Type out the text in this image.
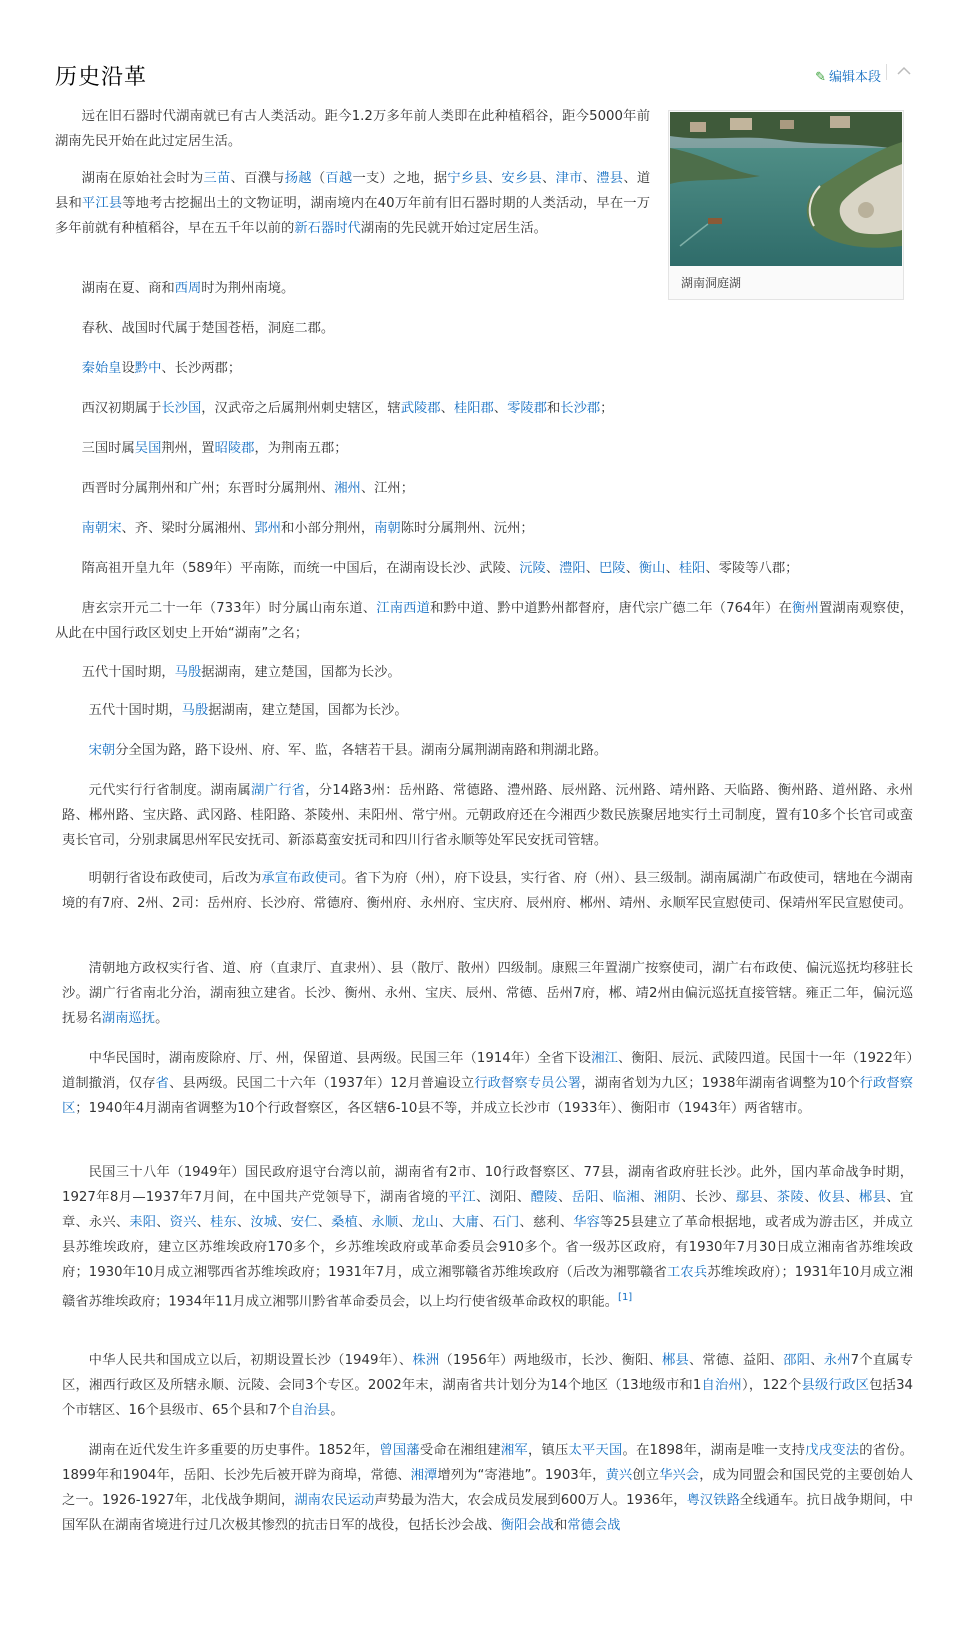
历史沿革	✎ 编辑本段
湖南洞庭湖

远在旧石器时代湖南就已有古人类活动。距今1.2万多年前人类即在此种植稻谷，距今5000年前湖南先民开始在此过定居生活。

湖南在原始社会时为三苗、百濮与扬越（百越一支）之地，据宁乡县、安乡县、津市、澧县、道县和平江县等地考古挖掘出土的文物证明，湖南境内在40万年前有旧石器时期的人类活动，早在一万多年前就有种植稻谷，早在五千年以前的新石器时代湖南的先民就开始过定居生活。

湖南在夏、商和西周时为荆州南境。

春秋、战国时代属于楚国苍梧，洞庭二郡。

秦始皇设黔中、长沙两郡；

西汉初期属于长沙国，汉武帝之后属荆州刺史辖区，辖武陵郡、桂阳郡、零陵郡和长沙郡；

三国时属吴国荆州，置昭陵郡，为荆南五郡；

西晋时分属荆州和广州；东晋时分属荆州、湘州、江州；

南朝宋、齐、梁时分属湘州、郢州和小部分荆州，南朝陈时分属荆州、沅州；

隋高祖开皇九年（589年）平南陈，而统一中国后，在湖南设长沙、武陵、沅陵、澧阳、巴陵、衡山、桂阳、零陵等八郡；

唐玄宗开元二十一年（733年）时分属山南东道、江南西道和黔中道、黔中道黔州都督府，唐代宗广德二年（764年）在衡州置湖南观察使，从此在中国行政区划史上开始“湖南”之名；

五代十国时期，马殷据湖南，建立楚国，国都为长沙。

五代十国时期，马殷据湖南，建立楚国，国都为长沙。

宋朝分全国为路，路下设州、府、军、监，各辖若干县。湖南分属荆湖南路和荆湖北路。

元代实行行省制度。湖南属湖广行省，分14路3州：岳州路、常德路、澧州路、辰州路、沅州路、靖州路、天临路、衡州路、道州路、永州路、郴州路、宝庆路、武冈路、桂阳路、茶陵州、耒阳州、常宁州。元朝政府还在今湘西少数民族聚居地实行土司制度，置有10多个长官司或蛮夷长官司，分别隶属思州军民安抚司、新添葛蛮安抚司和四川行省永顺等处军民安抚司管辖。

明朝行省设布政使司，后改为承宣布政使司。省下为府（州），府下设县，实行省、府（州）、县三级制。湖南属湖广布政使司，辖地在今湖南境的有7府、2州、2司：岳州府、长沙府、常德府、衡州府、永州府、宝庆府、辰州府、郴州、靖州、永顺军民宣慰使司、保靖州军民宣慰使司。

清朝地方政权实行省、道、府（直隶厅、直隶州）、县（散厅、散州）四级制。康熙三年置湖广按察使司，湖广右布政使、偏沅巡抚均移驻长沙。湖广行省南北分治，湖南独立建省。长沙、衡州、永州、宝庆、辰州、常德、岳州7府，郴、靖2州由偏沅巡抚直接管辖。雍正二年，偏沅巡抚易名湖南巡抚。

中华民国时，湖南废除府、厅、州，保留道、县两级。民国三年（1914年）全省下设湘江、衡阳、辰沅、武陵四道。民国十一年（1922年）道制撤消，仅存省、县两级。民国二十六年（1937年）12月普遍设立行政督察专员公署，湖南省划为九区；1938年湖南省调整为10个行政督察区；1940年4月湖南省调整为10个行政督察区，各区辖6-10县不等，并成立长沙市（1933年）、衡阳市（1943年）两省辖市。

民国三十八年（1949年）国民政府退守台湾以前，湖南省有2市、10行政督察区、77县，湖南省政府驻长沙。此外，国内革命战争时期，1927年8月—1937年7月间，在中国共产党领导下，湖南省境的平江、浏阳、醴陵、岳阳、临湘、湘阴、长沙、鄢县、茶陵、攸县、郴县、宜章、永兴、耒阳、资兴、桂东、汝城、安仁、桑植、永顺、龙山、大庸、石门、慈利、华容等25县建立了革命根据地，或者成为游击区，并成立县苏维埃政府，建立区苏维埃政府170多个，乡苏维埃政府或革命委员会910多个。省一级苏区政府，有1930年7月30日成立湘南省苏维埃政府；1930年10月成立湘鄂西省苏维埃政府；1931年7月，成立湘鄂赣省苏维埃政府（后改为湘鄂赣省工农兵苏维埃政府）；1931年10月成立湘赣省苏维埃政府；1934年11月成立湘鄂川黔省革命委员会，以上均行使省级革命政权的职能。[1]

中华人民共和国成立以后，初期设置长沙（1949年）、株洲（1956年）两地级市，长沙、衡阳、郴县、常德、益阳、邵阳、永州7个直属专区，湘西行政区及所辖永顺、沅陵、会同3个专区。2002年末，湖南省共计划分为14个地区（13地级市和1自治州），122个县级行政区包括34个市辖区、16个县级市、65个县和7个自治县。

湖南在近代发生许多重要的历史事件。1852年，曾国藩受命在湘组建湘军，镇压太平天国。在1898年，湖南是唯一支持戊戌变法的省份。1899年和1904年，岳阳、长沙先后被开辟为商埠，常德、湘潭增列为“寄港地”。1903年，黄兴创立华兴会，成为同盟会和国民党的主要创始人之一。1926-1927年，北伐战争期间，湖南农民运动声势最为浩大，农会成员发展到600万人。1936年，粤汉铁路全线通车。抗日战争期间，中国军队在湖南省境进行过几次极其惨烈的抗击日军的战役，包括长沙会战、衡阳会战和常德会战
